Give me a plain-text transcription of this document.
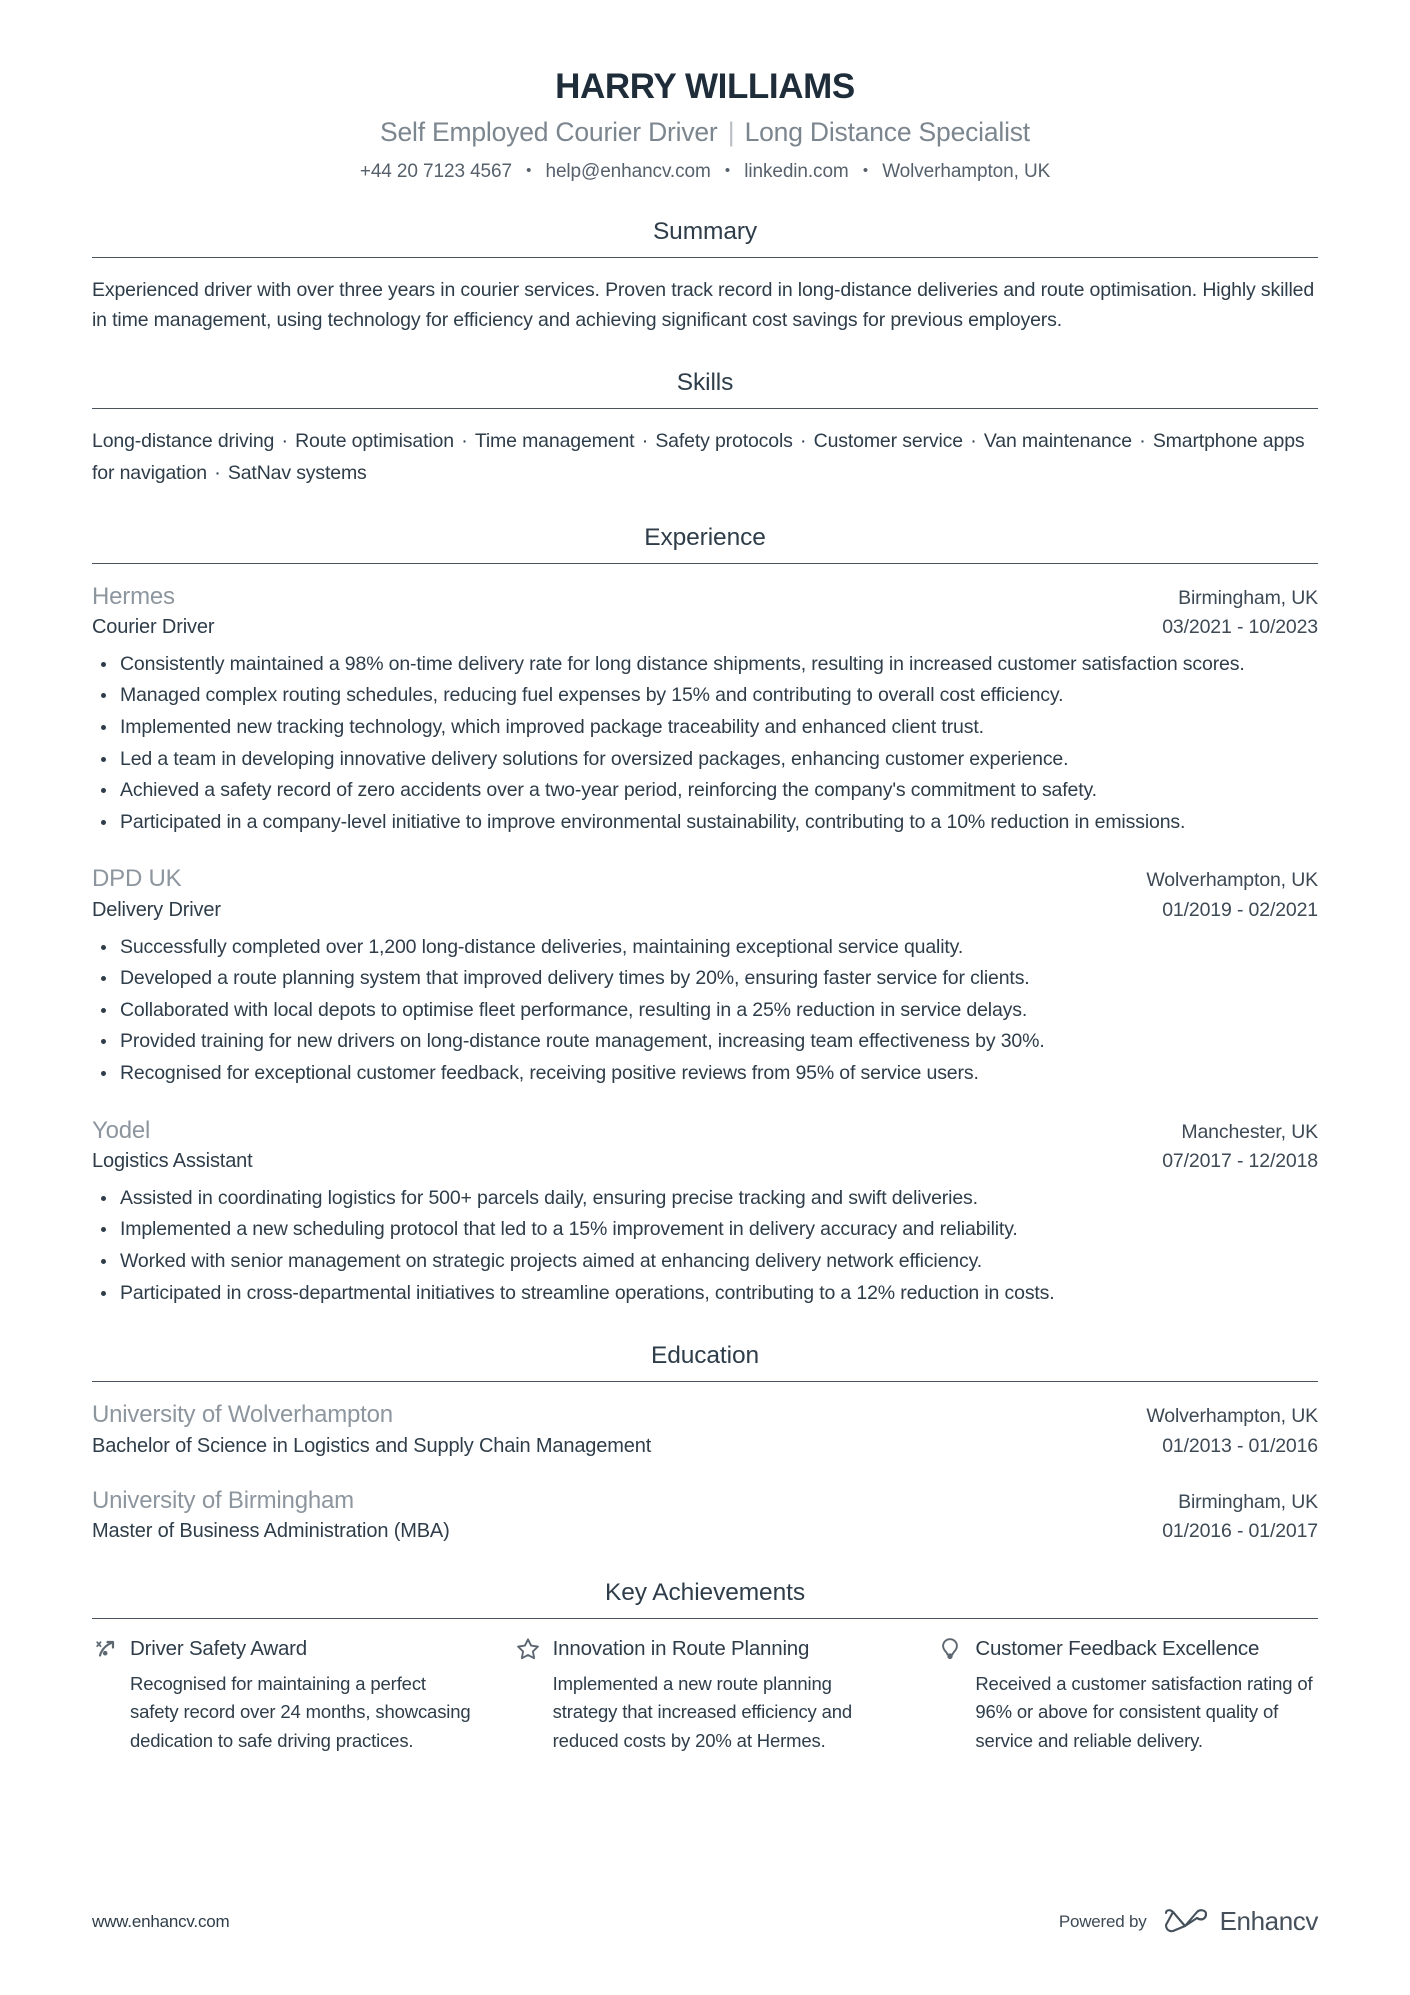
HARRY WILLIAMS
Self Employed Courier Driver | Long Distance Specialist
+44 20 7123 4567 • help@enhancv.com • linkedin.com • Wolverhampton, UK
Summary
Experienced driver with over three years in courier services. Proven track record in long-distance deliveries and route optimisation. Highly skilled in time management, using technology for efficiency and achieving significant cost savings for previous employers.
Skills
Long-distance driving · Route optimisation · Time management · Safety protocols · Customer service · Van maintenance · Smartphone apps for navigation · SatNav systems
Experience
Hermes	Birmingham, UK
Courier Driver	03/2021 - 10/2023
Consistently maintained a 98% on-time delivery rate for long distance shipments, resulting in increased customer satisfaction scores.
Managed complex routing schedules, reducing fuel expenses by 15% and contributing to overall cost efficiency.
Implemented new tracking technology, which improved package traceability and enhanced client trust.
Led a team in developing innovative delivery solutions for oversized packages, enhancing customer experience.
Achieved a safety record of zero accidents over a two-year period, reinforcing the company's commitment to safety.
Participated in a company-level initiative to improve environmental sustainability, contributing to a 10% reduction in emissions.
DPD UK	Wolverhampton, UK
Delivery Driver	01/2019 - 02/2021
Successfully completed over 1,200 long-distance deliveries, maintaining exceptional service quality.
Developed a route planning system that improved delivery times by 20%, ensuring faster service for clients.
Collaborated with local depots to optimise fleet performance, resulting in a 25% reduction in service delays.
Provided training for new drivers on long-distance route management, increasing team effectiveness by 30%.
Recognised for exceptional customer feedback, receiving positive reviews from 95% of service users.
Yodel	Manchester, UK
Logistics Assistant	07/2017 - 12/2018
Assisted in coordinating logistics for 500+ parcels daily, ensuring precise tracking and swift deliveries.
Implemented a new scheduling protocol that led to a 15% improvement in delivery accuracy and reliability.
Worked with senior management on strategic projects aimed at enhancing delivery network efficiency.
Participated in cross-departmental initiatives to streamline operations, contributing to a 12% reduction in costs.
Education
University of Wolverhampton	Wolverhampton, UK
Bachelor of Science in Logistics and Supply Chain Management	01/2013 - 01/2016
University of Birmingham	Birmingham, UK
Master of Business Administration (MBA)	01/2016 - 01/2017
Key Achievements
Driver Safety Award
Recognised for maintaining a perfect safety record over 24 months, showcasing dedication to safe driving practices.
Innovation in Route Planning
Implemented a new route planning strategy that increased efficiency and reduced costs by 20% at Hermes.
Customer Feedback Excellence
Received a customer satisfaction rating of 96% or above for consistent quality of service and reliable delivery.
www.enhancv.com	Powered by	Enhancv
